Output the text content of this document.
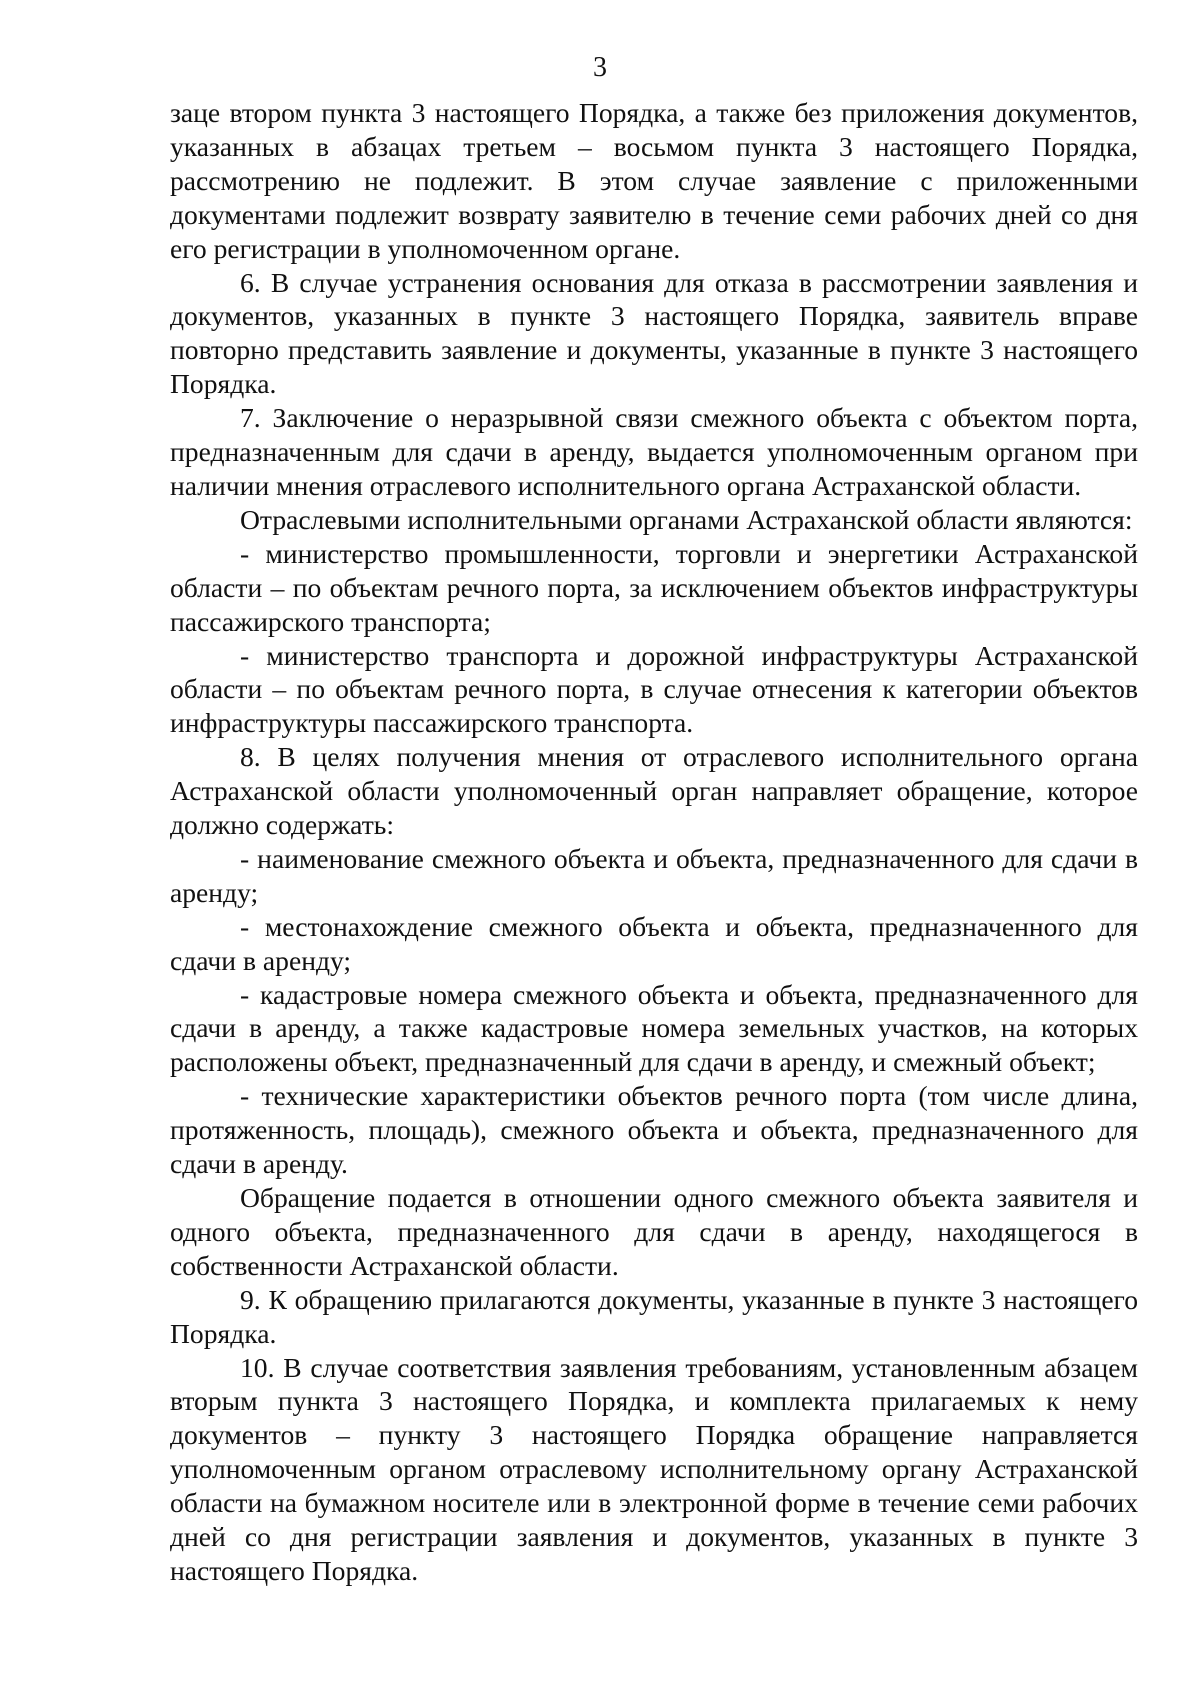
3

заце втором пункта 3 настоящего Порядка, а также без приложения документов, указанных в абзацах третьем – восьмом пункта 3 настоящего Порядка, рассмотрению не подлежит. В этом случае заявление с приложенными документами подлежит возврату заявителю в течение семи рабочих дней со дня его регистрации в уполномоченном органе.

6. В случае устранения основания для отказа в рассмотрении заявления и документов, указанных в пункте 3 настоящего Порядка, заявитель вправе повторно представить заявление и документы, указанные в пункте 3 настоящего Порядка.

7. Заключение о неразрывной связи смежного объекта с объектом порта, предназначенным для сдачи в аренду, выдается уполномоченным органом при наличии мнения отраслевого исполнительного органа Астраханской области.

Отраслевыми исполнительными органами Астраханской области являются:

- министерство промышленности, торговли и энергетики Астраханской области – по объектам речного порта, за исключением объектов инфраструктуры пассажирского транспорта;

- министерство транспорта и дорожной инфраструктуры Астраханской области – по объектам речного порта, в случае отнесения к категории объектов инфраструктуры пассажирского транспорта.

8. В целях получения мнения от отраслевого исполнительного органа Астраханской области уполномоченный орган направляет обращение, которое должно содержать:

- наименование смежного объекта и объекта, предназначенного для сдачи в аренду;

- местонахождение смежного объекта и объекта, предназначенного для сдачи в аренду;

- кадастровые номера смежного объекта и объекта, предназначенного для сдачи в аренду, а также кадастровые номера земельных участков, на которых расположены объект, предназначенный для сдачи в аренду, и смежный объект;

- технические характеристики объектов речного порта (том числе длина, протяженность, площадь), смежного объекта и объекта, предназначенного для сдачи в аренду.

Обращение подается в отношении одного смежного объекта заявителя и одного объекта, предназначенного для сдачи в аренду, находящегося в собственности Астраханской области.

9. К обращению прилагаются документы, указанные в пункте 3 настоящего Порядка.

10. В случае соответствия заявления требованиям, установленным абзацем вторым пункта 3 настоящего Порядка, и комплекта прилагаемых к нему документов – пункту 3 настоящего Порядка обращение направляется уполномоченным органом отраслевому исполнительному органу Астраханской области на бумажном носителе или в электронной форме в течение семи рабочих дней со дня регистрации заявления и документов, указанных в пункте 3 настоящего Порядка.
